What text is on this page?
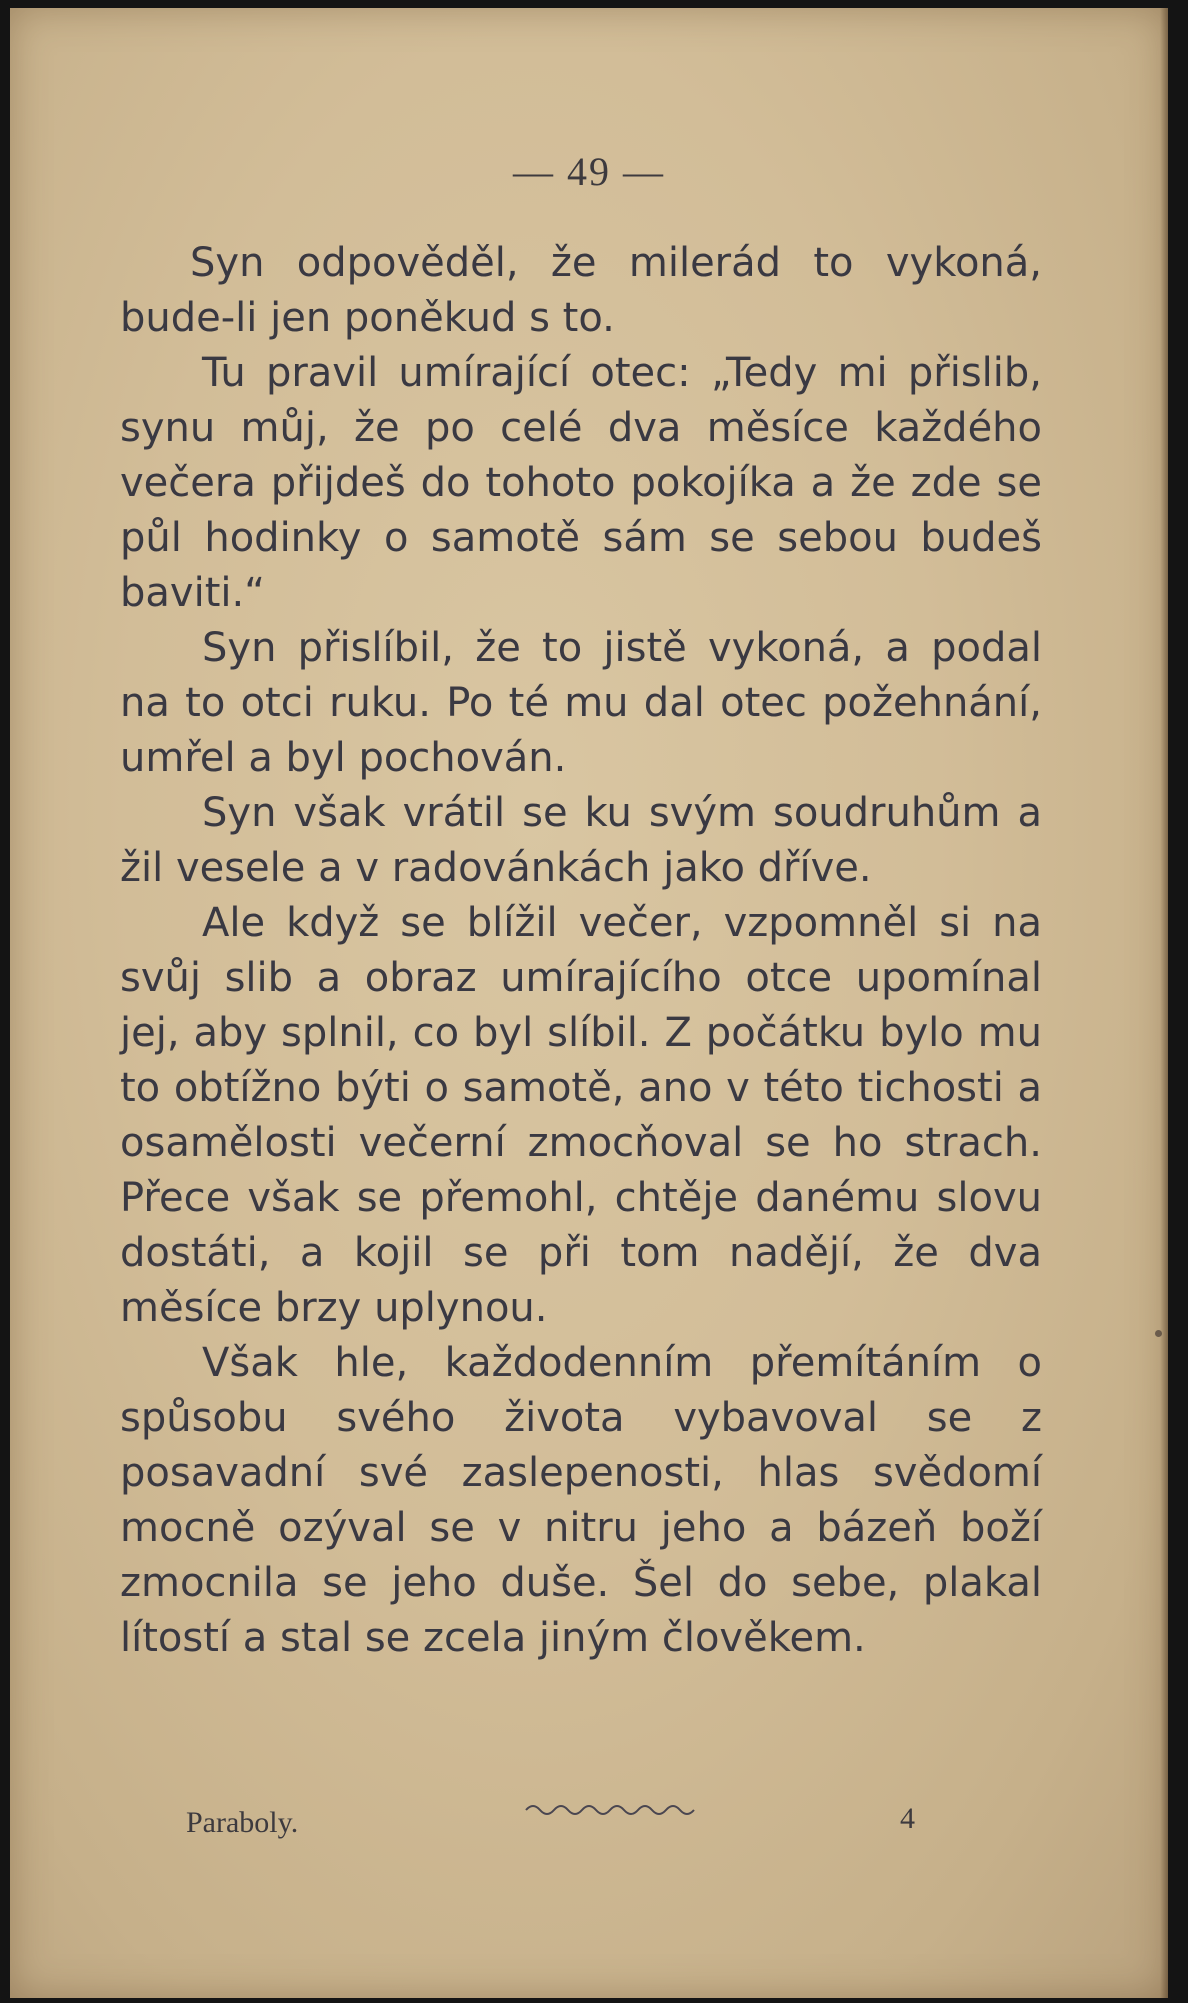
— 49 —

Syn odpověděl, že milerád to vykoná, bude-li jen poněkud s to.

Tu pravil umírající otec: „Tedy mi přislib, synu můj, že po celé dva měsíce každého večera přijdeš do tohoto pokojíka a že zde se půl hodinky o samotě sám se sebou budeš baviti.“

Syn přislíbil, že to jistě vykoná, a podal na to otci ruku. Po té mu dal otec požehnání, umřel a byl pochován.

Syn však vrátil se ku svým soudruhům a žil vesele a v radovánkách jako dříve.

Ale když se blížil večer, vzpomněl si na svůj slib a obraz umírajícího otce upomínal jej, aby splnil, co byl slíbil. Z počátku bylo mu to obtížno býti o samotě, ano v této tichosti a osamělosti večerní zmocňoval se ho strach. Přece však se přemohl, chtěje danému slovu dostáti, a kojil se při tom nadějí, že dva měsíce brzy uplynou.

Však hle, každodenním přemítáním o spůsobu svého života vybavoval se z posavadní své zaslepenosti, hlas svědomí mocně ozýval se v nitru jeho a bázeň boží zmocnila se jeho duše. Šel do sebe, plakal lítostí a stal se zcela jiným člověkem.

Paraboly.	4
